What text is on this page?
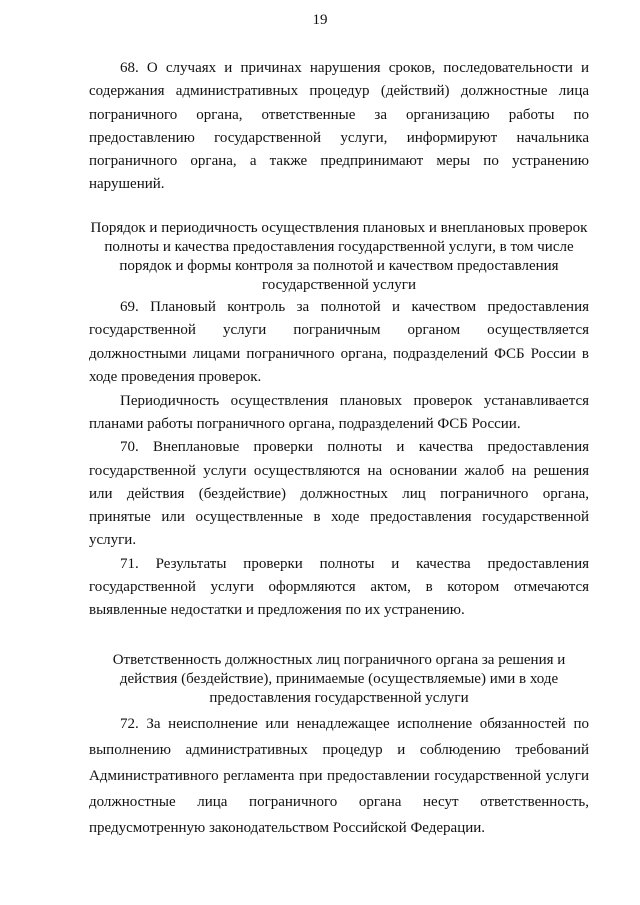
19

68. О случаях и причинах нарушения сроков, последовательности и содержания административных процедур (действий) должностные лица пограничного органа, ответственные за организацию работы по предоставлению государственной услуги, информируют начальника пограничного органа, а также предпринимают меры по устранению нарушений.

Порядок и периодичность осуществления плановых и внеплановых проверок полноты и качества предоставления государственной услуги, в том числе порядок и формы контроля за полнотой и качеством предоставления государственной услуги

69. Плановый контроль за полнотой и качеством предоставления государственной услуги пограничным органом осуществляется должностными лицами пограничного органа, подразделений ФСБ России в ходе проведения проверок.

Периодичность осуществления плановых проверок устанавливается планами работы пограничного органа, подразделений ФСБ России.

70. Внеплановые проверки полноты и качества предоставления государственной услуги осуществляются на основании жалоб на решения или действия (бездействие) должностных лиц пограничного органа, принятые или осуществленные в ходе предоставления государственной услуги.

71. Результаты проверки полноты и качества предоставления государственной услуги оформляются актом, в котором отмечаются выявленные недостатки и предложения по их устранению.

Ответственность должностных лиц пограничного органа за решения и действия (бездействие), принимаемые (осуществляемые) ими в ходе предоставления государственной услуги

72. За неисполнение или ненадлежащее исполнение обязанностей по выполнению административных процедур и соблюдению требований Административного регламента при предоставлении государственной услуги должностные лица пограничного органа несут ответственность, предусмотренную законодательством Российской Федерации.
